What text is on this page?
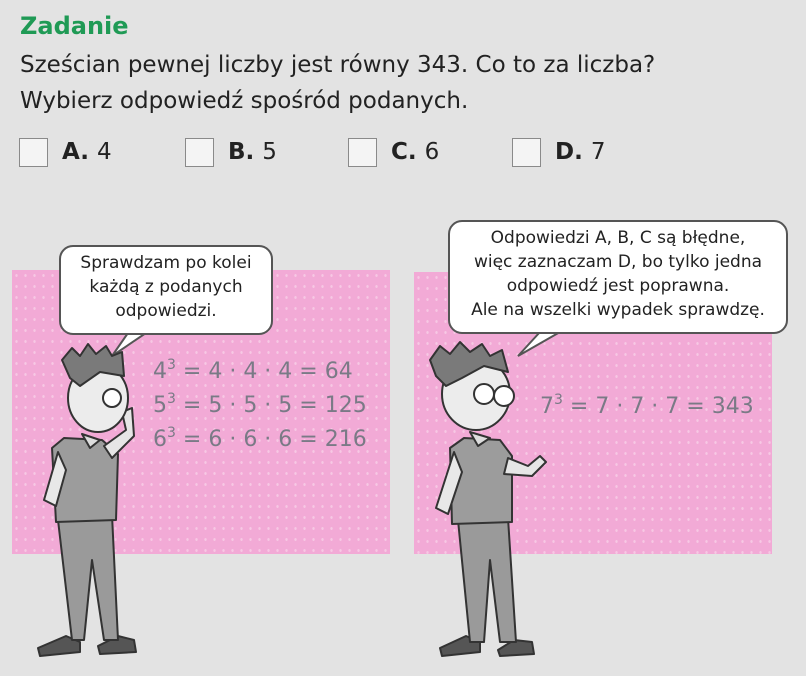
Zadanie
Sześcian pewnej liczby jest równy 343. Co to za liczba?
Wybierz odpowiedź spośród podanych.
A. 4	B. 5	C. 6	D. 7
$4^3 = 4 \cdot 4 \cdot 4 = 64$
$5^3 = 5 \cdot 5 \cdot 5 = 125$
$6^3 = 6 \cdot 6 \cdot 6 = 216$
$7^3 = 7 \cdot 7 \cdot 7 = 343$
Sprawdzam po kolei
każdą z podanych
odpowiedzi.
Odpowiedzi A, B, C są błędne,
więc zaznaczam D, bo tylko jedna
odpowiedź jest poprawna.
Ale na wszelki wypadek sprawdzę.
